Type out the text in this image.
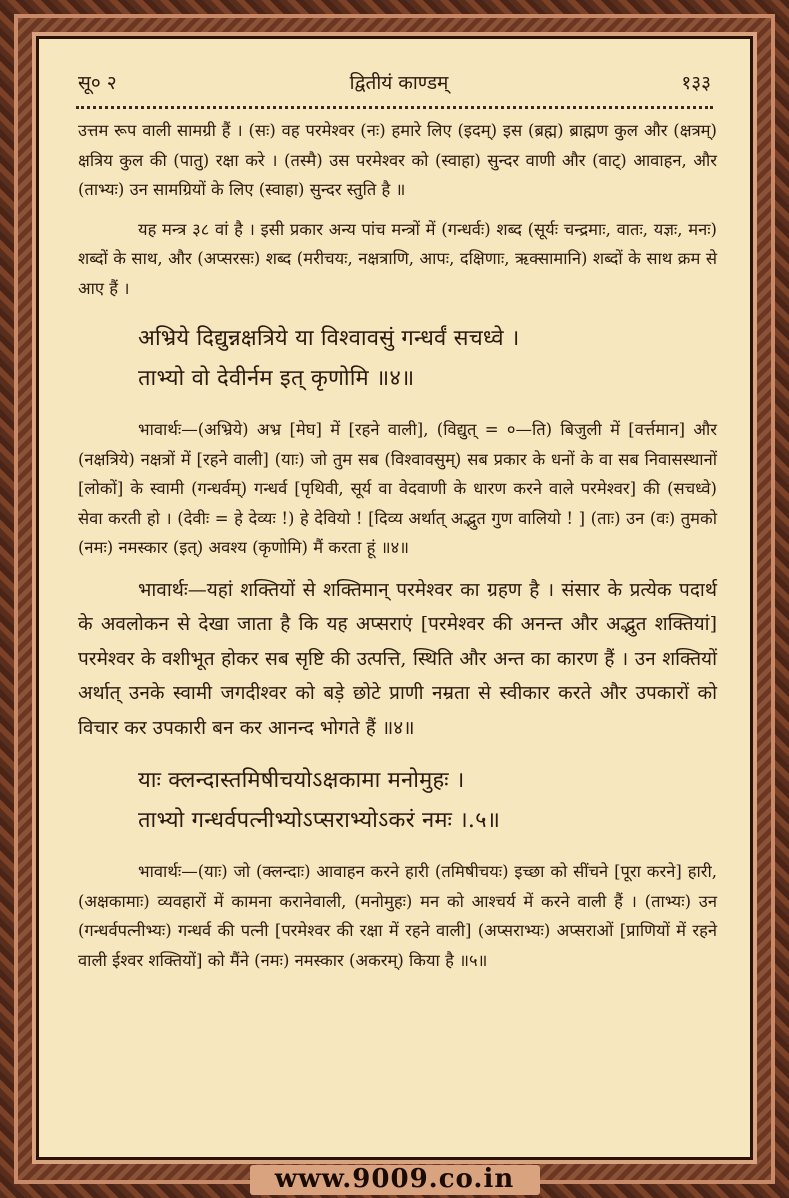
सू० २	द्वितीयं काण्डम्	१३३

उत्तम रूप वाली सामग्री हैं । (सः) वह परमेश्वर (नः) हमारे लिए (इदम्) इस (ब्रह्म) ब्राह्मण कुल और (क्षत्रम्) क्षत्रिय कुल की (पातु) रक्षा करे । (तस्मै) उस परमेश्वर को (स्वाहा) सुन्दर वाणी और (वाट्) आवाहन, और (ताभ्यः) उन सामग्रियों के लिए (स्वाहा) सुन्दर स्तुति है ॥

यह मन्त्र ३८ वां है । इसी प्रकार अन्य पांच मन्त्रों में (गन्धर्वः) शब्द (सूर्यः चन्द्रमाः, वातः, यज्ञः, मनः) शब्दों के साथ, और (अप्सरसः) शब्द (मरीचयः, नक्षत्राणि, आपः, दक्षिणाः, ऋक्सामानि) शब्दों के साथ क्रम से आए हैं ।

अभ्रिये दिद्युन्नक्षत्रिये या विश्वावसुं गन्धर्वं सचध्वे ।

ताभ्यो वो देवीर्नम इत् कृणोमि ॥४॥

भावार्थः—(अभ्रिये) अभ्र [मेघ] में [रहने वाली], (विद्युत् = ०—ति) बिजुली में [वर्त्तमान] और (नक्षत्रिये) नक्षत्रों में [रहने वाली] (याः) जो तुम सब (विश्वावसुम्) सब प्रकार के धनों के वा सब निवासस्थानों [लोकों] के स्वामी (गन्धर्वम्) गन्धर्व [पृथिवी, सूर्य वा वेदवाणी के धारण करने वाले परमेश्वर] की (सचध्वे) सेवा करती हो । (देवीः = हे देव्यः !) हे देवियो ! [दिव्य अर्थात् अद्भुत गुण वालियो ! ] (ताः) उन (वः) तुमको (नमः) नमस्कार (इत्) अवश्य (कृणोमि) मैं करता हूं ॥४॥

भावार्थः—यहां शक्तियों से शक्तिमान् परमेश्वर का ग्रहण है । संसार के प्रत्येक पदार्थ के अवलोकन से देखा जाता है कि यह अप्सराएं [परमेश्वर की अनन्त और अद्भुत शक्तियां] परमेश्वर के वशीभूत होकर सब सृष्टि की उत्पत्ति, स्थिति और अन्त का कारण हैं । उन शक्तियों अर्थात् उनके स्वामी जगदीश्वर को बड़े छोटे प्राणी नम्रता से स्वीकार करते और उपकारों को विचार कर उपकारी बन कर आनन्द भोगते हैं ॥४॥

याः क्लन्दास्तमिषीचयोऽक्षकामा मनोमुहः ।

ताभ्यो गन्धर्वपत्नीभ्योऽप्सराभ्योऽकरं नमः ।.५॥

भावार्थः—(याः) जो (क्लन्दाः) आवाहन करने हारी (तमिषीचयः) इच्छा को सींचने [पूरा करने] हारी, (अक्षकामाः) व्यवहारों में कामना करानेवाली, (मनोमुहः) मन को आश्चर्य में करने वाली हैं । (ताभ्यः) उन (गन्धर्वपत्नीभ्यः) गन्धर्व की पत्नी [परमेश्वर की रक्षा में रहने वाली] (अप्सराभ्यः) अप्सराओं [प्राणियों में रहने वाली ईश्वर शक्तियों] को मैंने (नमः) नमस्कार (अकरम्) किया है ॥५॥

www.9009.co.in
